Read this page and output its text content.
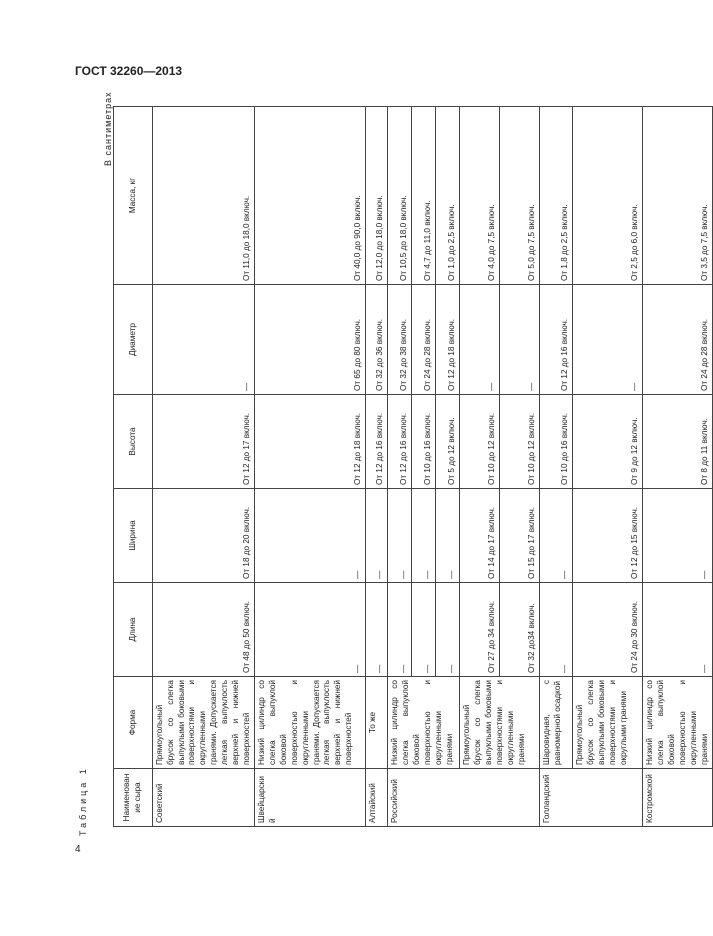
ГОСТ 32260—2013
4
Таблица 1
В сантиметрах
Наименование сыра	Форма	Длина	Ширина	Высота	Диаметр	Масса, кг
Советский	Прямоугольный брусок со слегка выпуклыми боковыми поверхностями и округленными гранями. Допускается легкая выпуклость верхней и нижней поверхностей	От 48 до 50 включ.	От 18 до 20 включ.	От 12 до 17 включ.	—	От 11,0 до 18,0 включ.
Швейцарский	Низкий цилиндр со слегка выпуклой боковой поверхностью и округленными гранями. Допускается легкая выпуклость верхней и нижней поверхностей	—	—	От 12 до 18 включ.	От 65 до 80 включ.	От 40,0 до 90,0 включ.
Алтайский	То же	—	—	От 12 до 16 включ.	От 32 до 36 включ.	От 12,0 до 18,0 включ.
Российский	Низкий цилиндр со слегка выпуклой боковой поверхностью и округленными гранями	—	—	От 12 до 16 включ.	От 32 до 38 включ.	От 10,5 до 18,0 включ.
		—	—	От 10 до 16 включ.	От 24 до 28 включ.	От 4,7 до 11,0 включ.
		—	—	От 5 до 12 включ.	От 12 до 18 включ.	От 1,0 до 2,5 включ.
	Прямоугольный брусок со слегка выпуклыми боковыми поверхностями и округленными гранями	От 27 до 34 включ.	От 14 до 17 включ.	От 10 до 12 включ.	—	От 4,0 до 7,5 включ.
		От 32 до34 включ.	От 15 до 17 включ.	От 10 до 12 включ.	—	От 5,0 до 7,5 включ.
Голландский	Шаровидная, с равномерной осадкой	—	—	От 10 до 16 включ.	От 12 до 16 включ.	От 1,8 до 2,5 включ.
	Прямоугольный брусок со слегка выпуклыми боковыми поверхностями и округлыми гранями	От 24 до 30 включ.	От 12 до 15 включ.	От 9 до 12 включ.	—	От 2,5 до 6,0 включ.
Костромской	Низкий цилиндр со слегка выпуклой боковой поверхностью и округленными гранями	—	—	От 8 до 11 включ.	От 24 до 28 включ.	От 3,5 до 7,5 включ.
